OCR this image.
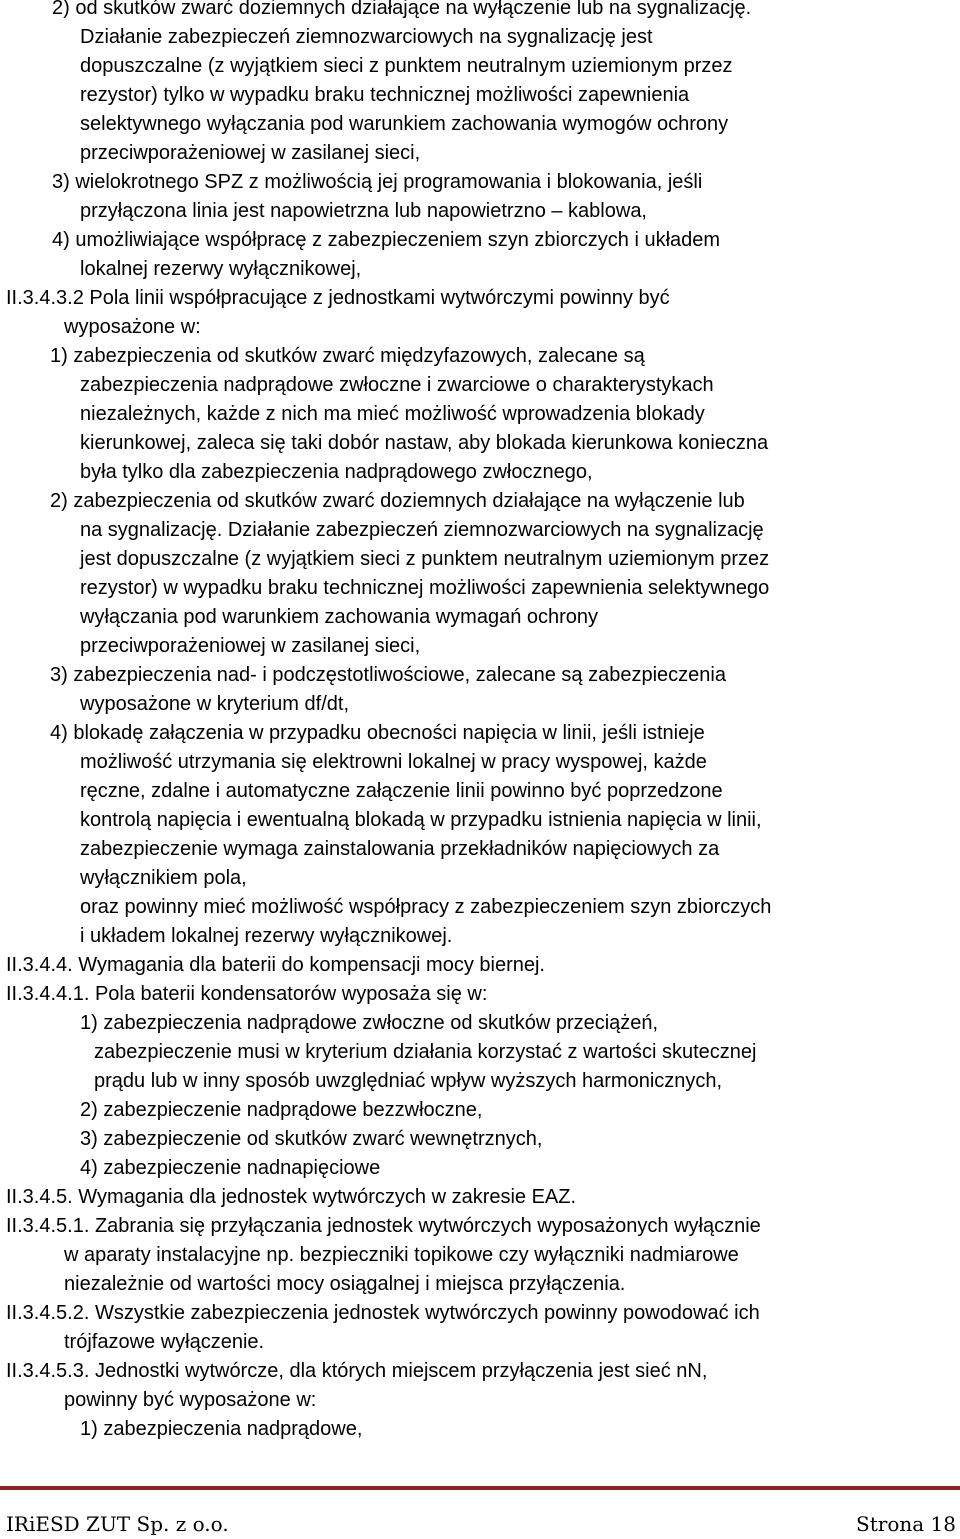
2) od skutków zwarć doziemnych działające na wyłączenie lub na sygnalizację.
Działanie zabezpieczeń ziemnozwarciowych na sygnalizację jest
dopuszczalne (z wyjątkiem sieci z punktem neutralnym uziemionym przez
rezystor) tylko w wypadku braku technicznej możliwości zapewnienia
selektywnego wyłączania pod warunkiem zachowania wymogów ochrony
przeciwporażeniowej w zasilanej sieci,
3) wielokrotnego SPZ z możliwością jej programowania i blokowania, jeśli
przyłączona linia jest napowietrzna lub napowietrzno – kablowa,
4) umożliwiające współpracę z zabezpieczeniem szyn zbiorczych i układem
lokalnej rezerwy wyłącznikowej,
II.3.4.3.2 Pola linii współpracujące z jednostkami wytwórczymi powinny być
wyposażone w:
1) zabezpieczenia od skutków zwarć międzyfazowych, zalecane są
zabezpieczenia nadprądowe zwłoczne i zwarciowe o charakterystykach
niezależnych, każde z nich ma mieć możliwość wprowadzenia blokady
kierunkowej, zaleca się taki dobór nastaw, aby blokada kierunkowa konieczna
była tylko dla zabezpieczenia nadprądowego zwłocznego,
2) zabezpieczenia od skutków zwarć doziemnych działające na wyłączenie lub
na sygnalizację. Działanie zabezpieczeń ziemnozwarciowych na sygnalizację
jest dopuszczalne (z wyjątkiem sieci z punktem neutralnym uziemionym przez
rezystor) w wypadku braku technicznej możliwości zapewnienia selektywnego
wyłączania pod warunkiem zachowania wymagań ochrony
przeciwporażeniowej w zasilanej sieci,
3) zabezpieczenia nad- i podczęstotliwościowe, zalecane są zabezpieczenia
wyposażone w kryterium df/dt,
4) blokadę załączenia w przypadku obecności napięcia w linii, jeśli istnieje
możliwość utrzymania się elektrowni lokalnej w pracy wyspowej, każde
ręczne, zdalne i automatyczne załączenie linii powinno być poprzedzone
kontrolą napięcia i ewentualną blokadą w przypadku istnienia napięcia w linii,
zabezpieczenie wymaga zainstalowania przekładników napięciowych za
wyłącznikiem pola,
oraz powinny mieć możliwość współpracy z zabezpieczeniem szyn zbiorczych
i układem lokalnej rezerwy wyłącznikowej.
II.3.4.4. Wymagania dla baterii do kompensacji mocy biernej.
II.3.4.4.1. Pola baterii kondensatorów wyposaża się w:
1) zabezpieczenia nadprądowe zwłoczne od skutków przeciążeń,
zabezpieczenie musi w kryterium działania korzystać z wartości skutecznej
prądu lub w inny sposób uwzględniać wpływ wyższych harmonicznych,
2) zabezpieczenie nadprądowe bezzwłoczne,
3) zabezpieczenie od skutków zwarć wewnętrznych,
4) zabezpieczenie nadnapięciowe
II.3.4.5. Wymagania dla jednostek wytwórczych w zakresie EAZ.
II.3.4.5.1. Zabrania się przyłączania jednostek wytwórczych wyposażonych wyłącznie
w aparaty instalacyjne np. bezpieczniki topikowe czy wyłączniki nadmiarowe
niezależnie od wartości mocy osiągalnej i miejsca przyłączenia.
II.3.4.5.2. Wszystkie zabezpieczenia jednostek wytwórczych powinny powodować ich
trójfazowe wyłączenie.
II.3.4.5.3. Jednostki wytwórcze, dla których miejscem przyłączenia jest sieć nN,
powinny być wyposażone w:
1) zabezpieczenia nadprądowe,
IRiESD ZUT Sp. z o.o.	Strona 18
